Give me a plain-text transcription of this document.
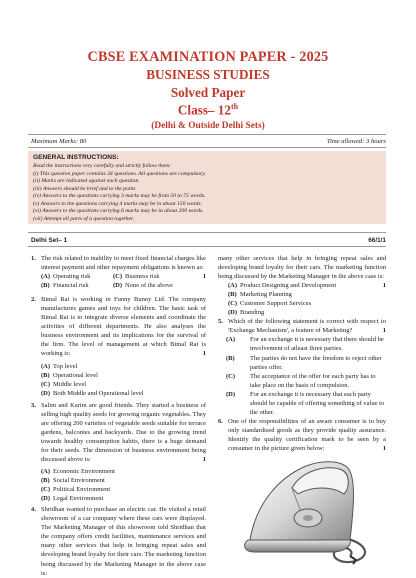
CBSE EXAMINATION PAPER - 2025
BUSINESS STUDIES
Solved Paper
Class– 12th
(Delhi & Outside Delhi Sets)
Maximum Marks: 80	Time allowed: 3 hours
GENERAL INSTRUCTIONS:
Read the instructions very carefully and strictly follow them:
(i) This question paper contains 34 questions. All questions are compulsory.
(ii) Marks are indicated against each question.
(iii) Answers should be brief and to the point.
(iv) Answers to the questions carrying 3 marks may be from 50 to 75 words.
(v) Answers to the questions carrying 4 marks may be in about 150 words.
(vi) Answers to the questions carrying 6 marks may be in about 200 words.
(vii) Attempt all parts of a question together.
Delhi Set– 1	66/1/1
1. The risk related to inability to meet fixed financial charges like interest payment and other repayment obligations is known as:
1
(A) Operating risk	(C) Business risk
(B) Financial risk	(D) None of the above
2. Bimal Rai is working in Funny Bunny Ltd. The company manufactures games and toys for children. The basic task of Bimal Rai is to integrate diverse elements and coordinate the activities of different departments. He also analyses the business environment and its implications for the survival of the firm. The level of management at which Bimal Rai is working is:	1
(A) Top level
(B) Operational level
(C) Middle level
(D) Both Middle and Operational level
3. Salim and Karim are good friends. They started a business of selling high quality seeds for growing organic vegetables. They are offering 200 varieties of vegetable seeds suitable for terrace gardens, balconies and backyards. Due to the growing trend towards healthy consumption habits, there is a huge demand for their seeds. The dimension of business environment being discussed above is:	1
(A) Economic Environment
(B) Social Environment
(C) Political Environment
(D) Legal Environment
4. Shridhan wanted to purchase an electric car. He visited a retail showroom of a car company where these cars were displayed. The Marketing Manager of this showroom told Shridhan that the company offers credit facilities, maintenance services and many other services that help in bringing repeat sales and developing brand loyalty for their cars. The marketing function being discussed by the Marketing Manager in the above case is:
many other services that help in bringing repeat sales and developing brand loyalty for their cars. The marketing function being discussed by the Marketing Manager in the above case is:
1
(A) Product Designing and Development
(B) Marketing Planning
(C) Customer Support Services
(D) Branding
5. Which of the following statement is correct with respect to 'Exchange Mechanism', a feature of Marketing?	1
(A) For an exchange it is necessary that there should be involvement of atleast three parties.
(B) The parties do not have the freedom to reject other parties offer.
(C) The acceptance of the offer for each party has to take place on the basis of compulsion.
(D) For an exchange it is necessary that each party should be capable of offering something of value to the other.
6. One of the responsibilities of an aware consumer is to buy only standardised goods as they provide quality assurance. Identify the quality certification mark to be seen by a consumer in the picture given below:	1
